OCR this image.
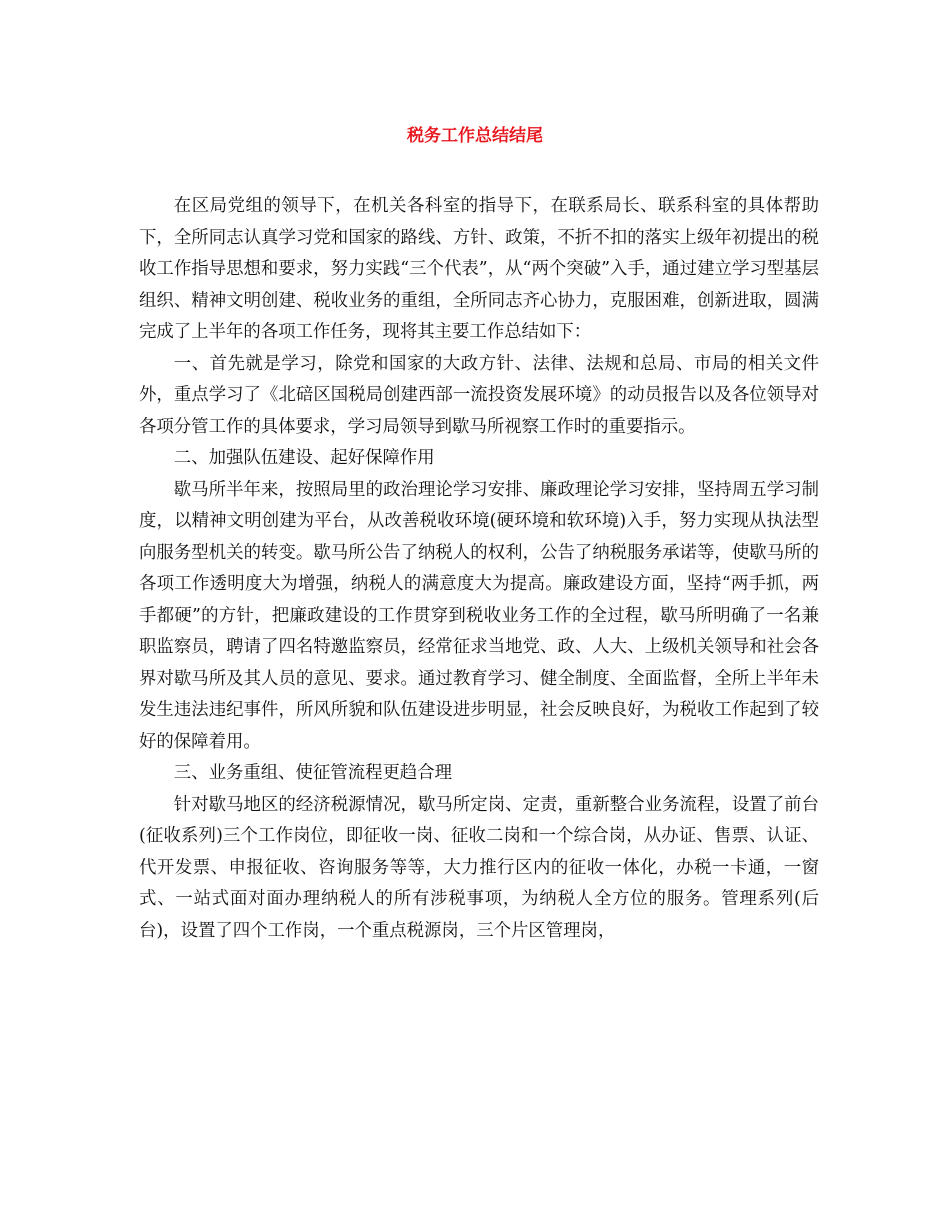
税务工作总结结尾

在区局党组的领导下，在机关各科室的指导下，在联系局长、联系科室的具体帮助下，全所同志认真学习党和国家的路线、方针、政策，不折不扣的落实上级年初提出的税收工作指导思想和要求，努力实践“三个代表”，从“两个突破”入手，通过建立学习型基层组织、精神文明创建、税收业务的重组，全所同志齐心协力，克服困难，创新进取，圆满完成了上半年的各项工作任务，现将其主要工作总结如下：

一、首先就是学习，除党和国家的大政方针、法律、法规和总局、市局的相关文件外，重点学习了《北碚区国税局创建西部一流投资发展环境》的动员报告以及各位领导对各项分管工作的具体要求，学习局领导到歇马所视察工作时的重要指示。

二、加强队伍建设、起好保障作用

歇马所半年来，按照局里的政治理论学习安排、廉政理论学习安排，坚持周五学习制度，以精神文明创建为平台，从改善税收环境(硬环境和软环境)入手，努力实现从执法型向服务型机关的转变。歇马所公告了纳税人的权利，公告了纳税服务承诺等，使歇马所的各项工作透明度大为增强，纳税人的满意度大为提高。廉政建设方面，坚持“两手抓，两手都硬”的方针，把廉政建设的工作贯穿到税收业务工作的全过程，歇马所明确了一名兼职监察员，聘请了四名特邀监察员，经常征求当地党、政、人大、上级机关领导和社会各界对歇马所及其人员的意见、要求。通过教育学习、健全制度、全面监督，全所上半年未发生违法违纪事件，所风所貌和队伍建设进步明显，社会反映良好，为税收工作起到了较好的保障着用。

三、业务重组、使征管流程更趋合理

针对歇马地区的经济税源情况，歇马所定岗、定责，重新整合业务流程，设置了前台(征收系列)三个工作岗位，即征收一岗、征收二岗和一个综合岗，从办证、售票、认证、代开发票、申报征收、咨询服务等等，大力推行区内的征收一体化，办税一卡通，一窗式、一站式面对面办理纳税人的所有涉税事项，为纳税人全方位的服务。管理系列(后台)，设置了四个工作岗，一个重点税源岗，三个片区管理岗，
